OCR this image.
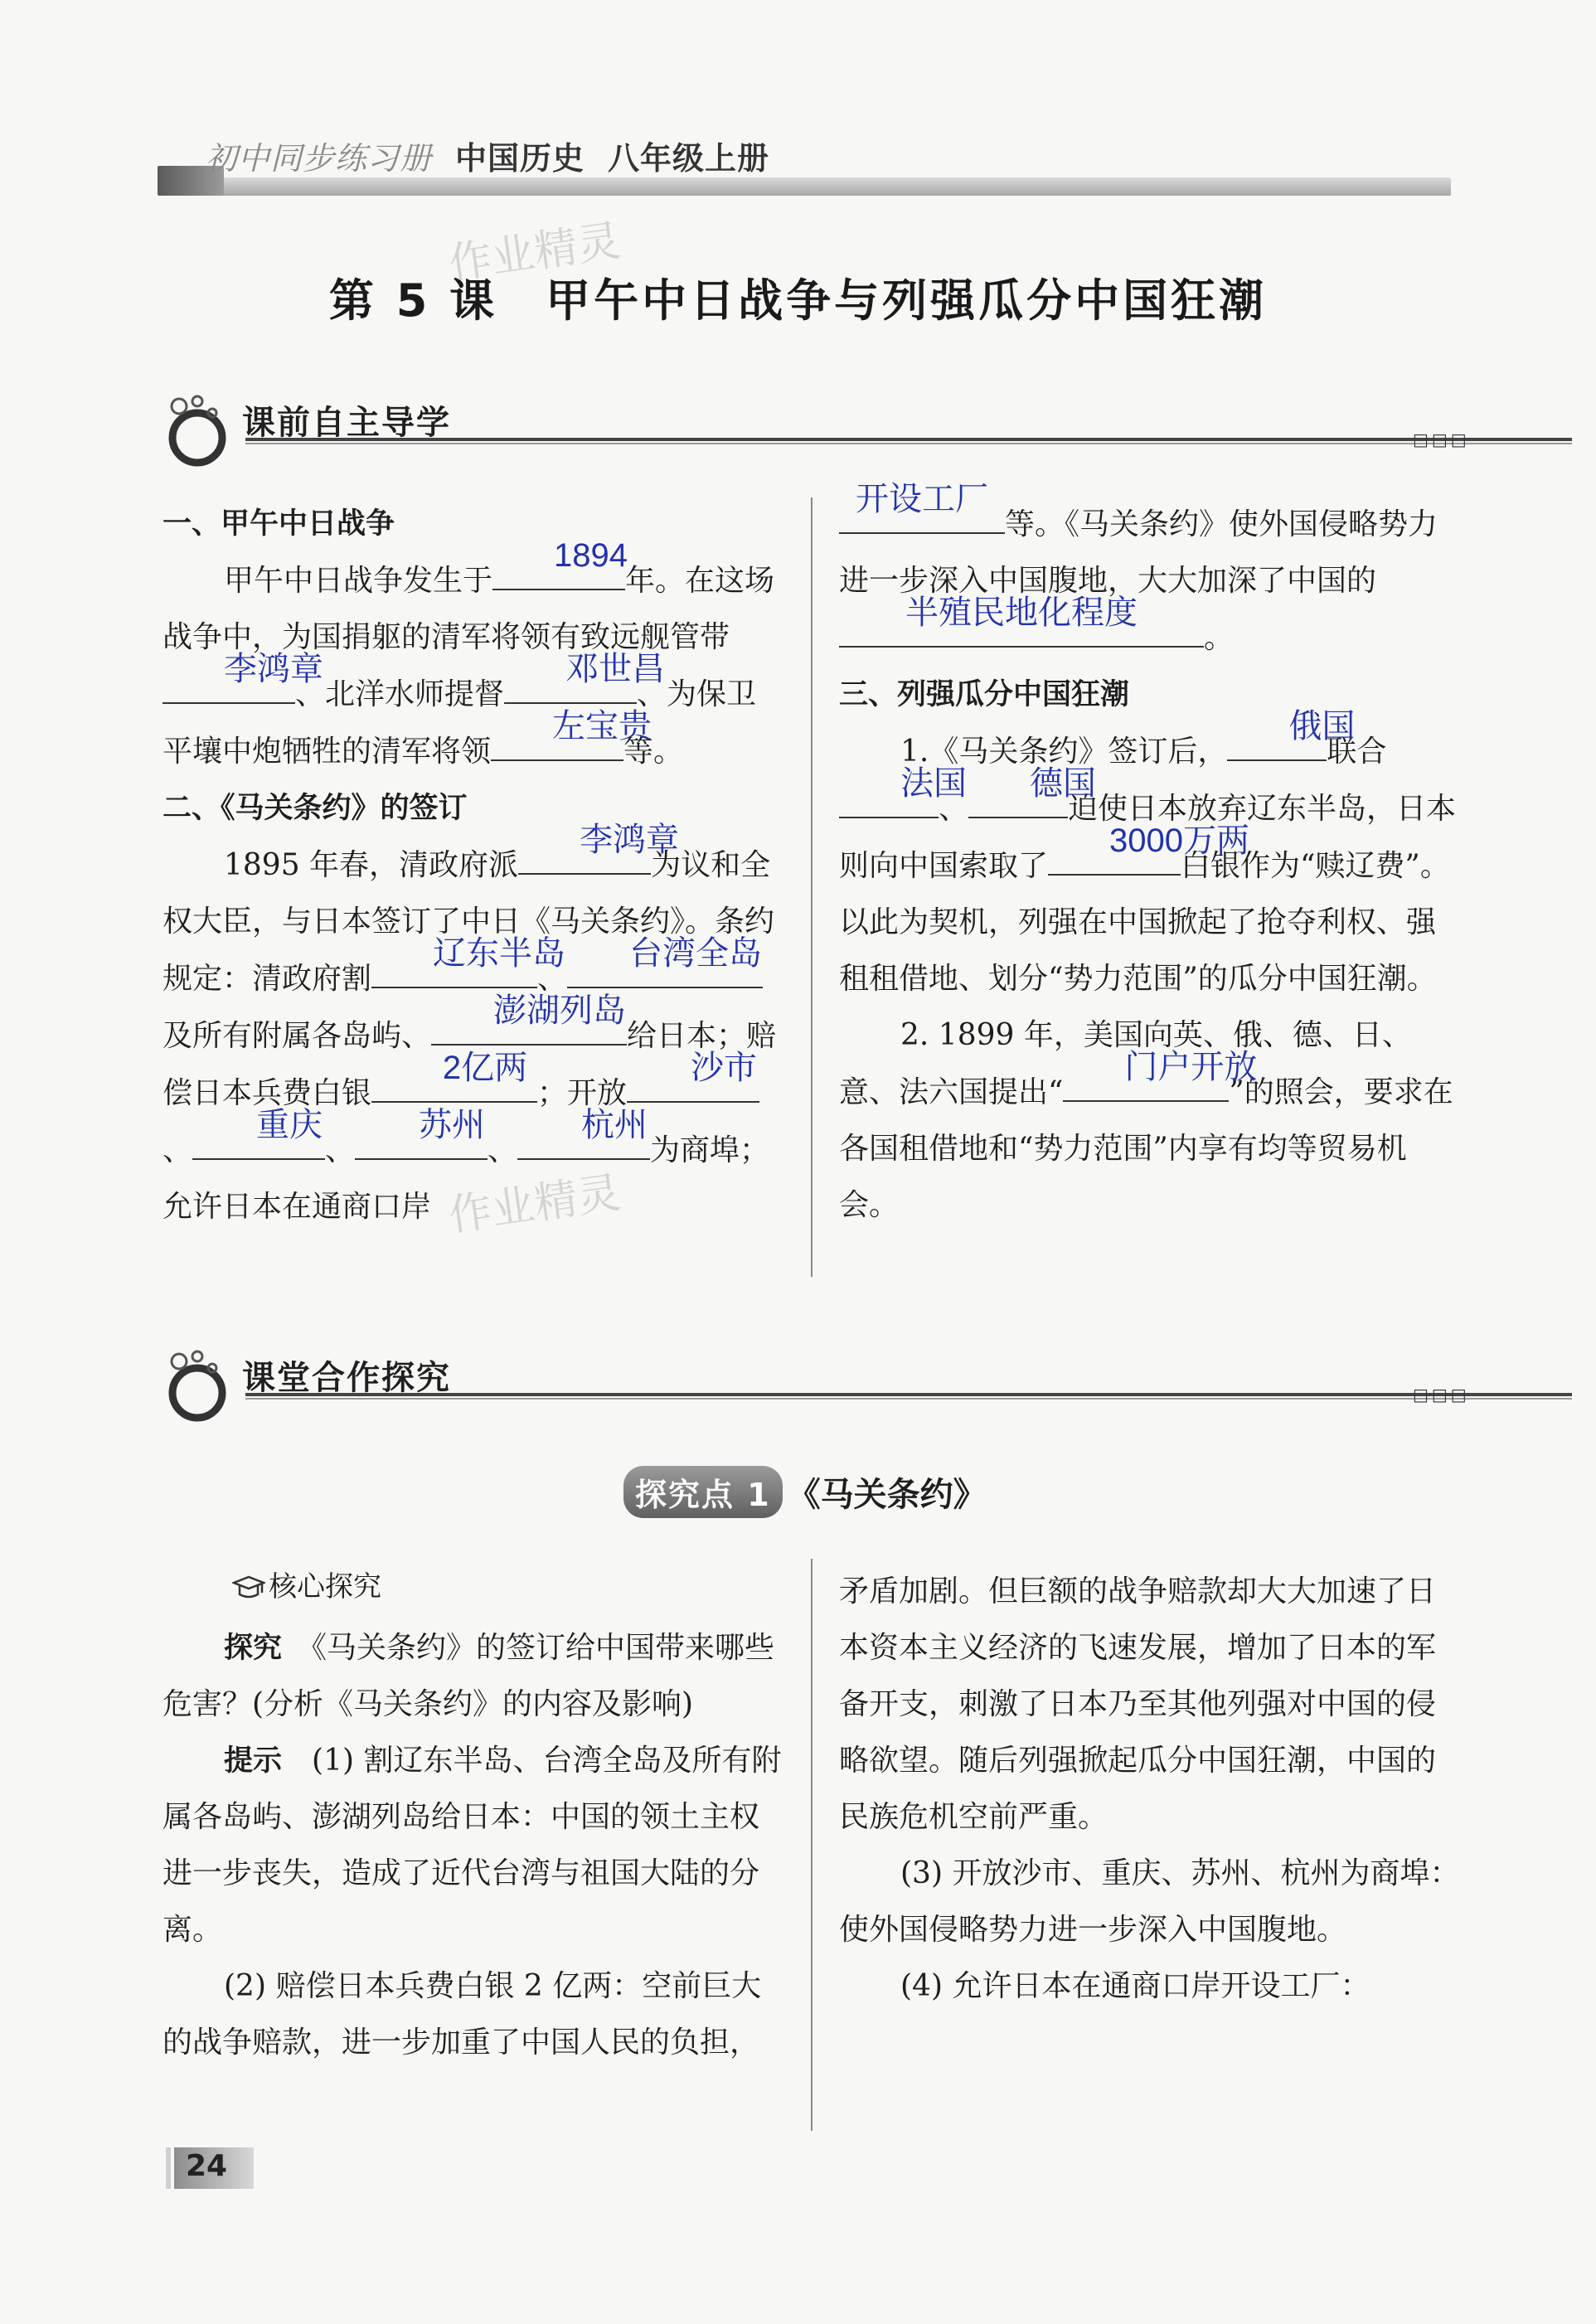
初中同步练习册 中国历史 八年级上册
作业精灵
第 5 课　甲午中日战争与列强瓜分中国狂潮
课前自主导学	□□□

一、甲午中日战争

甲午中日战争发生于
1894
年。在这场战争中，为国捐躯的清军将领有致远舰管带
李鸿章
、北洋水师提督
邓世昌
、为保卫平壤中炮牺牲的清军将领
左宝贵
等。

二、《马关条约》的签订

1895 年春，清政府派
李鸿章
为议和全权大臣，与日本签订了中日《马关条约》。条约规定：清政府割
辽东半岛
、
台湾全岛
及所有附属各岛屿、
澎湖列岛
给日本；赔偿日本兵费白银
2亿两
；开放
沙市
、
重庆
、
苏州
、
杭州
为商埠；允许日本在通商口岸 作业精灵

开设工厂
等。《马关条约》使外国侵略势力进一步深入中国腹地，大大加深了中国的
半殖民地化程度
。

三、列强瓜分中国狂潮

1.《马关条约》签订后，
俄国
联合
法国
、
德国
迫使日本放弃辽东半岛，日本则向中国索取了
3000万两
白银作为“赎辽费”。以此为契机，列强在中国掀起了抢夺利权、强租租借地、划分“势力范围”的瓜分中国狂潮。

2. 1899 年，美国向英、俄、德、日、意、法六国提出“
门户开放
”的照会，要求在各国租借地和“势力范围”内享有均等贸易机会。

课堂合作探究	□□□
探究点 1 《马关条约》
核心探究

探究　 《马关条约》的签订给中国带来哪些危害？(分析《马关条约》的内容及影响)

提示　 (1) 割辽东半岛、台湾全岛及所有附属各岛屿、澎湖列岛给日本：中国的领土主权进一步丧失，造成了近代台湾与祖国大陆的分离。

(2) 赔偿日本兵费白银 2 亿两：空前巨大的战争赔款，进一步加重了中国人民的负担，

矛盾加剧。但巨额的战争赔款却大大加速了日本资本主义经济的飞速发展，增加了日本的军备开支，刺激了日本乃至其他列强对中国的侵略欲望。随后列强掀起瓜分中国狂潮，中国的民族危机空前严重。

(3) 开放沙市、重庆、苏州、杭州为商埠：使外国侵略势力进一步深入中国腹地。

(4) 允许日本在通商口岸开设工厂：

24
